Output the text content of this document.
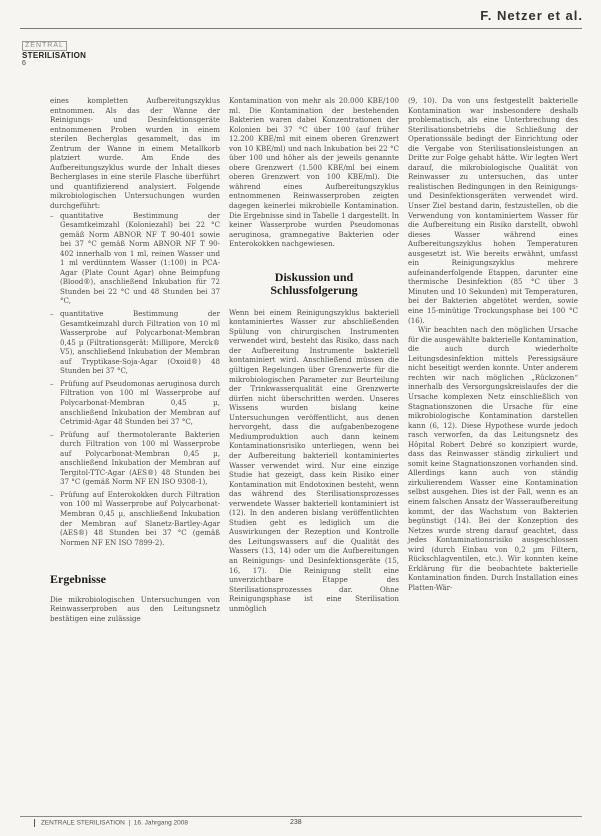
F. Netzer et al.
ZENTRAL
STERILISATION
6

eines kompletten Aufbereitungszyklus entnommen. Als das der Wanne der Reinigungs- und Desinfektionsgeräte entnommenen Proben wurden in einem sterilen Becherglas gesammelt, das im Zentrum der Wanne in einem Metallkorb platziert wurde. Am Ende des Aufbereitungszyklus wurde der Inhalt dieses Becherglases in eine sterile Flasche überführt und quantifizierend analysiert. Folgende mikrobiologischen Untersuchungen wurden durchgeführt:

– quantitative Bestimmung der Gesamtkeimzahl (Koloniezahl) bei 22 °C gemäß Norm ABNOR NF T 90-401 sowie bei 37 °C gemäß Norm ABNOR NF T 90-402 innerhalb von 1 ml, reinen Wasser und 1 ml verdünntem Wasser (1:100) in PCA-Agar (Plate Count Agar) ohne Beimpfung (Blood®), anschließend Inkubation für 72 Stunden bei 22 °C und 48 Stunden bei 37 °C,
– quantitative Bestimmung der Gesamtkeimzahl durch Filtration von 10 ml Wasserprobe auf Polycarbonat-Membran 0,45 µ (Filtrationsgerät: Millipore, Merck® V5), anschließend Inkubation der Membran auf Tryptikase-Soja-Agar (Oxoid®) 48 Stunden bei 37 °C,
– Prüfung auf Pseudomonas aeruginosa durch Filtration von 100 ml Wasserprobe auf Polycarbonat-Membran 0,45 µ, anschließend Inkubation der Membran auf Cetrimid-Agar 48 Stunden bei 37 °C,
– Prüfung auf thermotolerante Bakterien durch Filtration von 100 ml Wasserprobe auf Polycarbonat-Membran 0,45 µ, anschließend Inkubation der Membran auf Tergitol-TTC-Agar (AES®) 48 Stunden bei 37 °C (gemäß Norm NF EN ISO 9308-1),
– Prüfung auf Enterokokken durch Filtration von 100 ml Wasserprobe auf Polycarbonat-Membran 0,45 µ, anschließend Inkubation der Membran auf Slanetz-Bartley-Agar (AES®) 48 Stunden bei 37 °C (gemäß Normen NF EN ISO 7899-2).
Ergebnisse

Die mikrobiologischen Untersuchungen von Reinwasserproben aus den Leitungsnetz bestätigen eine zulässige

Kontamination von mehr als 20.000 KBE/100 ml. Die Kontamination der bestehenden Bakterien waren dabei Konzentrationen der Kolonien bei 37 °C über 100 (auf früher 12.200 KBE/ml mit einem oberen Grenzwert von 10 KBE/ml) und nach Inkubation bei 22 °C über 100 und höher als der jeweils genannte obere Grenzwert (1.500 KBE/ml bei einem oberen Grenzwert von 100 KBE/ml). Die während eines Aufbereitungszyklus entnommenen Reinwasserproben zeigten dagegen keinerlei mikrobielle Kontamination. Die Ergebnisse sind in Tabelle 1 dargestellt. In keiner Wasserprobe wurden Pseudomonas aeruginosa, gramnegative Bakterien oder Enterokokken nachgewiesen.

Diskussion und
Schlussfolgerung

Wenn bei einem Reinigungszyklus bakteriell kontaminiertes Wasser zur abschließenden Spülung von chirurgischen Instrumenten verwendet wird, besteht das Risiko, dass nach der Aufbereitung Instrumente bakteriell kontaminiert wird. Anschließend müssen die gültigen Regelungen über Grenzwerte für die mikrobiologischen Parameter zur Beurteilung der Trinkwasserqualität eine Grenzwerte dürfen nicht überschritten werden. Unseres Wissens wurden bislang keine Untersuchungen veröffentlicht, aus denen hervorgeht, dass die aufgabenbezogene Mediumproduktion auch dann keinem Kontaminationsrisiko unterliegen, wenn bei der Aufbereitung bakteriell kontaminiertes Wasser verwendet wird. Nur eine einzige Studie hat gezeigt, dass kein Risiko einer Kontamination mit Endotoxinen besteht, wenn das während des Sterilisationsprozesses verwendete Wasser bakteriell kontaminiert ist (12). In den anderen bislang veröffentlichten Studien geht es lediglich um die Auswirkungen der Rezeption und Kontrolle des Leitungswassers auf die Qualität des Wassers (13, 14) oder um die Aufbereitungen an Reinigungs- und Desinfektionsgeräte (15, 16, 17). Die Reinigung stellt eine unverzichtbare Etappe des Sterilisationsprozesses dar. Ohne Reinigungsphase ist eine Sterilisation unmöglich

(9, 10). Da von uns festgestellt bakterielle Kontamination war insbesondere deshalb problematisch, als eine Unterbrechung des Sterilisationsbetriebs die Schließung der Operationssäle bedingt der Einrichtung oder die Vergabe von Sterilisationsleistungen an Dritte zur Folge gehabt hätte. Wir legten Wert darauf, die mikrobiologische Qualität von Reinwasser zu untersuchen, das unter realistischen Bedingungen in den Reinigungs- und Desinfektionsgeräten verwendet wird. Unser Ziel bestand darin, festzustellen, ob die Verwendung von kontaminiertem Wasser für die Aufbereitung ein Risiko darstellt, obwohl dieses Wasser während eines Aufbereitungszyklus hohen Temperaturen ausgesetzt ist. Wie bereits erwähnt, umfasst ein Reinigungszyklus mehrere aufeinanderfolgende Etappen, darunter eine thermische Desinfektion (85 °C über 3 Minuten und 10 Sekunden) mit Temperaturen, bei der Bakterien abgetötet werden, sowie eine 15-minütige Trockungsphase bei 100 °C (16).

Wir beachten nach den möglichen Ursache für die ausgewählte bakterielle Kontamination, die auch durch wiederholte Leitungsdesinfektion mittels Peressigsäure nicht beseitigt werden konnte. Unter anderem rechten wir nach möglichen „Rückzonen“ innerhalb des Versorgungskreislaufes der die Ursache komplexen Netz einschließlich von Stagnationszonen die Ursache für eine mikrobiologische Kontamination darstellen kann (6, 12). Diese Hypothese wurde jedoch rasch verworfen, da das Leitungsnetz des Hôpital Robert Debré so konzipiert wurde, dass das Reinwasser ständig zirkuliert und somit keine Stagnationszonen vorhanden sind. Allerdings kann auch von ständig zirkulierendem Wasser eine Kontamination selbst ausgehen. Dies ist der Fall, wenn es an einem falschen Ansatz der Wasseraufbereitung kommt, der das Wachstum von Bakterien begünstigt (14). Bei der Konzeption des Netzes wurde streng darauf geachtet, dass jedes Kontaminationsrisiko ausgeschlossen wird (durch Einbau von 0,2 µm Filtern, Rückschlagventilen, etc.). Wir konnten keine Erklärung für die beobachtete bakterielle Kontamination finden. Durch Installation eines Platten-Wär-

ZENTRALE STERILISATION  |  16. Jahrgang 2008	238
